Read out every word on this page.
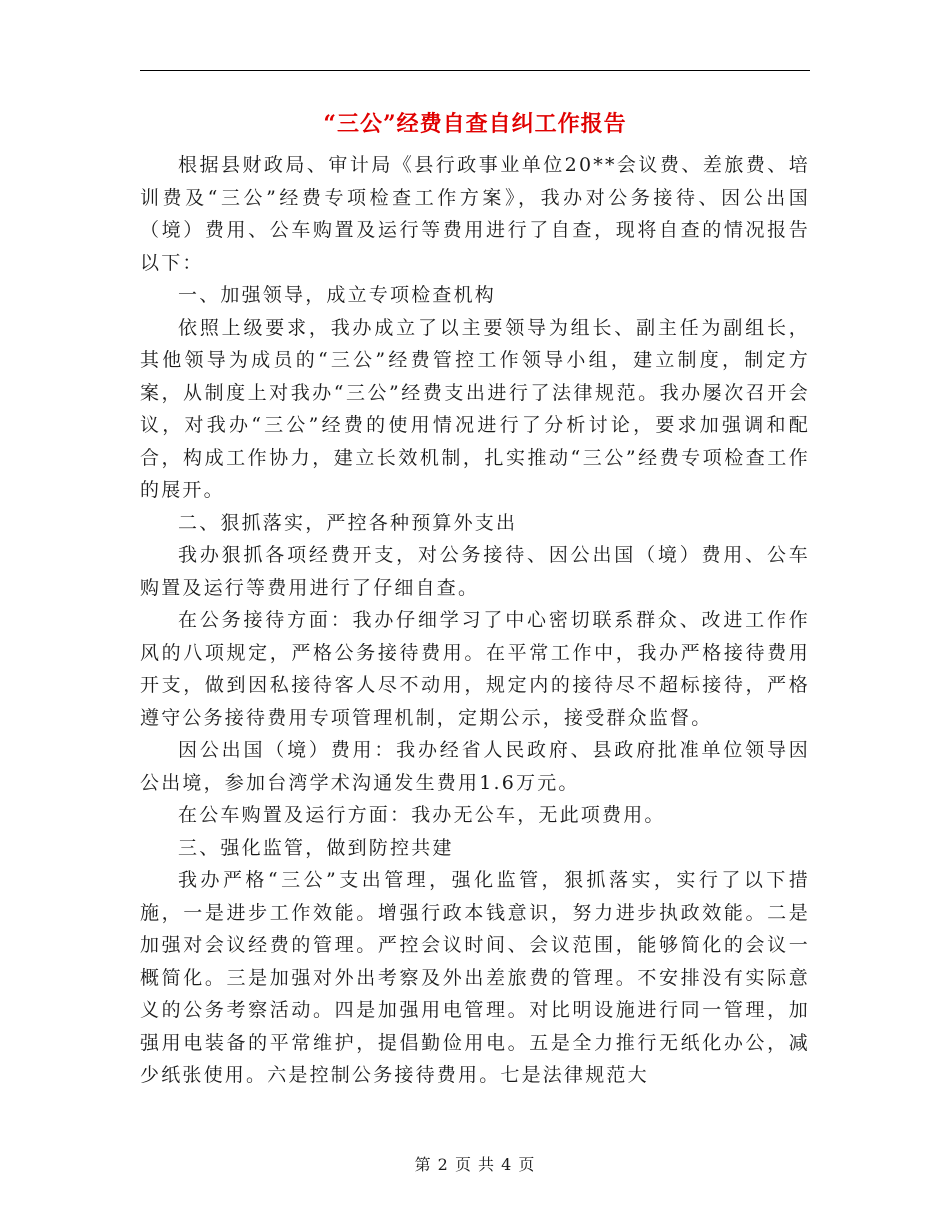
“三公”经费自查自纠工作报告

根据县财政局、审计局《县行政事业单位20**会议费、差旅费、培训费及“三公”经费专项检查工作方案》，我办对公务接待、因公出国（境）费用、公车购置及运行等费用进行了自查，现将自查的情况报告以下：

一、加强领导，成立专项检查机构

依照上级要求，我办成立了以主要领导为组长、副主任为副组长，其他领导为成员的“三公”经费管控工作领导小组，建立制度，制定方案，从制度上对我办“三公”经费支出进行了法律规范。我办屡次召开会议，对我办“三公”经费的使用情况进行了分析讨论，要求加强调和配合，构成工作协力，建立长效机制，扎实推动“三公”经费专项检查工作的展开。

二、狠抓落实，严控各种预算外支出

我办狠抓各项经费开支，对公务接待、因公出国（境）费用、公车购置及运行等费用进行了仔细自查。

在公务接待方面：我办仔细学习了中心密切联系群众、改进工作作风的八项规定，严格公务接待费用。在平常工作中，我办严格接待费用开支，做到因私接待客人尽不动用，规定内的接待尽不超标接待，严格遵守公务接待费用专项管理机制，定期公示，接受群众监督。

因公出国（境）费用：我办经省人民政府、县政府批准单位领导因公出境，参加台湾学术沟通发生费用1.6万元。

在公车购置及运行方面：我办无公车，无此项费用。

三、强化监管，做到防控共建

我办严格“三公”支出管理，强化监管，狠抓落实，实行了以下措施，一是进步工作效能。增强行政本钱意识，努力进步执政效能。二是加强对会议经费的管理。严控会议时间、会议范围，能够简化的会议一概简化。三是加强对外出考察及外出差旅费的管理。不安排没有实际意义的公务考察活动。四是加强用电管理。对比明设施进行同一管理，加强用电装备的平常维护，提倡勤俭用电。五是全力推行无纸化办公，减少纸张使用。六是控制公务接待费用。七是法律规范大

第 2 页 共 4 页
